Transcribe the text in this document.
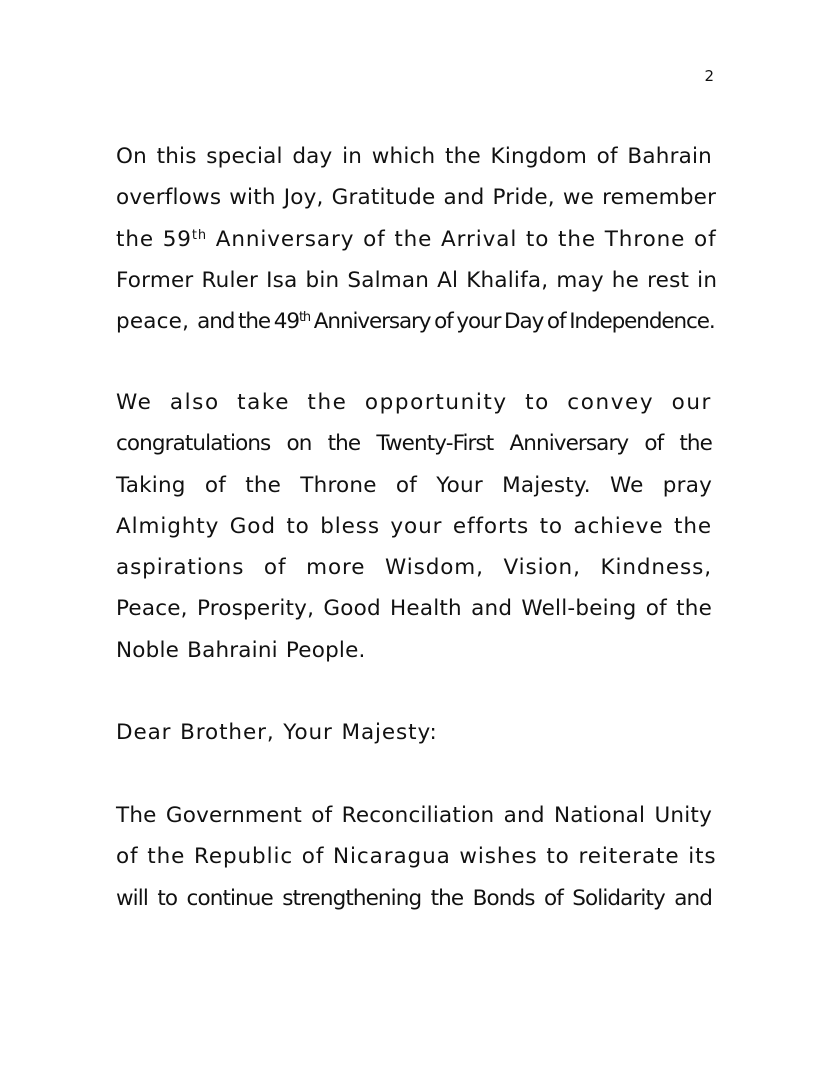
2
On this special day in which the Kingdom of Bahrain
overflows with Joy, Gratitude and Pride, we remember
the 59th Anniversary of the Arrival to the Throne of
Former Ruler Isa bin Salman Al Khalifa, may he rest in
peace, and the 49th Anniversary of your Day of Independence.
We also take the opportunity to convey our
congratulations on the Twenty-First Anniversary of the
Taking of the Throne of Your Majesty. We pray
Almighty God to bless your efforts to achieve the
aspirations of more Wisdom, Vision, Kindness,
Peace, Prosperity, Good Health and Well-being of the
Noble Bahraini People.
Dear Brother, Your Majesty:
The Government of Reconciliation and National Unity
of the Republic of Nicaragua wishes to reiterate its
will to continue strengthening the Bonds of Solidarity and
